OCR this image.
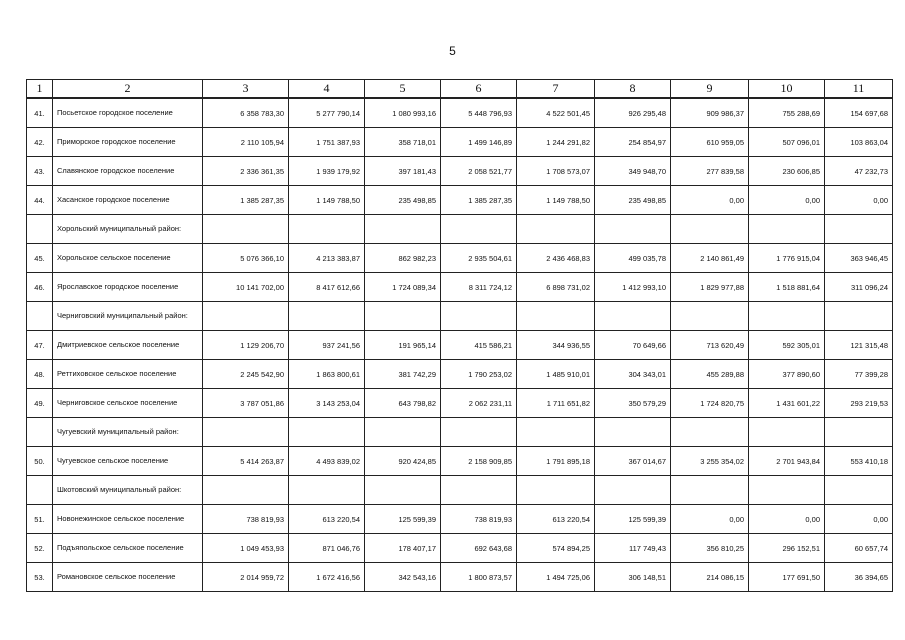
5
1	2	3	4	5	6	7	8	9	10	11
41.	Посьетское городское поселение	6 358 783,30	5 277 790,14	1 080 993,16	5 448 796,93	4 522 501,45	926 295,48	909 986,37	755 288,69	154 697,68
42.	Приморское городское поселение	2 110 105,94	1 751 387,93	358 718,01	1 499 146,89	1 244 291,82	254 854,97	610 959,05	507 096,01	103 863,04
43.	Славянское городское поселение	2 336 361,35	1 939 179,92	397 181,43	2 058 521,77	1 708 573,07	349 948,70	277 839,58	230 606,85	47 232,73
44.	Хасанское городское поселение	1 385 287,35	1 149 788,50	235 498,85	1 385 287,35	1 149 788,50	235 498,85	0,00	0,00	0,00
	Хорольский муниципальный район:									
45.	Хорольское сельское поселение	5 076 366,10	4 213 383,87	862 982,23	2 935 504,61	2 436 468,83	499 035,78	2 140 861,49	1 776 915,04	363 946,45
46.	Ярославское городское поселение	10 141 702,00	8 417 612,66	1 724 089,34	8 311 724,12	6 898 731,02	1 412 993,10	1 829 977,88	1 518 881,64	311 096,24
	Черниговский муниципальный район:									
47.	Дмитриевское сельское поселение	1 129 206,70	937 241,56	191 965,14	415 586,21	344 936,55	70 649,66	713 620,49	592 305,01	121 315,48
48.	Реттиховское сельское поселение	2 245 542,90	1 863 800,61	381 742,29	1 790 253,02	1 485 910,01	304 343,01	455 289,88	377 890,60	77 399,28
49.	Черниговское сельское поселение	3 787 051,86	3 143 253,04	643 798,82	2 062 231,11	1 711 651,82	350 579,29	1 724 820,75	1 431 601,22	293 219,53
	Чугуевский муниципальный район:									
50.	Чугуевское сельское поселение	5 414 263,87	4 493 839,02	920 424,85	2 158 909,85	1 791 895,18	367 014,67	3 255 354,02	2 701 943,84	553 410,18
	Шкотовский муниципальный район:									
51.	Новонежинское сельское поселение	738 819,93	613 220,54	125 599,39	738 819,93	613 220,54	125 599,39	0,00	0,00	0,00
52.	Подъяпольское сельское поселение	1 049 453,93	871 046,76	178 407,17	692 643,68	574 894,25	117 749,43	356 810,25	296 152,51	60 657,74
53.	Романовское сельское поселение	2 014 959,72	1 672 416,56	342 543,16	1 800 873,57	1 494 725,06	306 148,51	214 086,15	177 691,50	36 394,65
